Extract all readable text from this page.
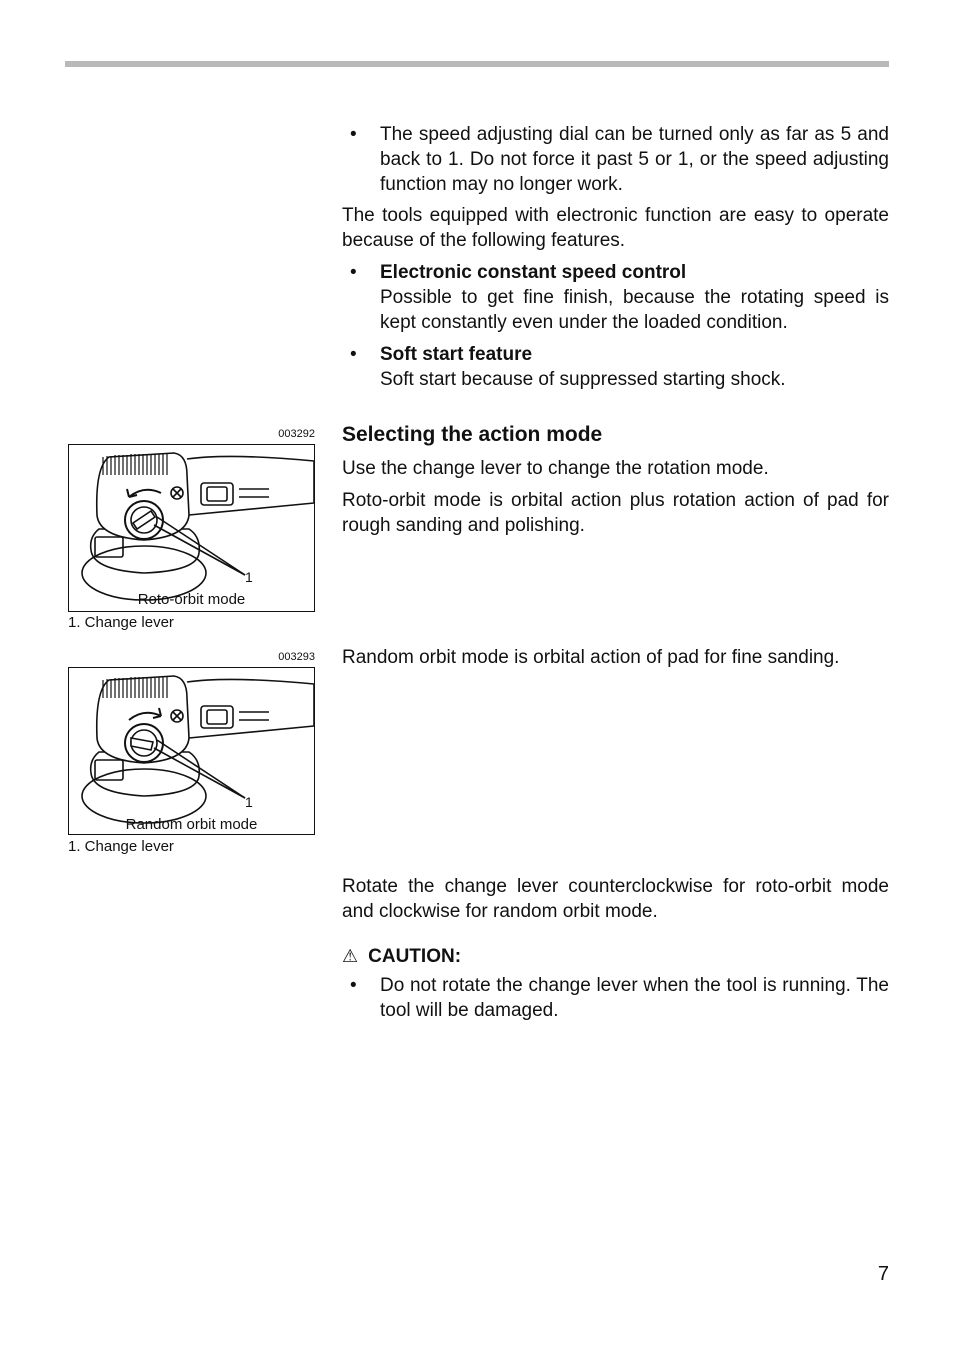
• The speed adjusting dial can be turned only as far as 5 and back to 1. Do not force it past 5 or 1, or the speed adjusting function may no longer work.

The tools equipped with electronic function are easy to operate because of the following features.

• Electronic constant speed control
Possible to get fine finish, because the rotating speed is kept constantly even under the loaded condition.
• Soft start feature
Soft start because of suppressed starting shock.
Selecting the action mode

Use the change lever to change the rotation mode.

Roto-orbit mode is orbital action plus rotation action of pad for rough sanding and polishing.

Random orbit mode is orbital action of pad for fine sanding.

Rotate the change lever counterclockwise for roto-orbit mode and clockwise for random orbit mode.

⚠ CAUTION:
• Do not rotate the change lever when the tool is running. The tool will be damaged.
003292
1
Roto-orbit mode
1. Change lever
003293
1
Random orbit mode
1. Change lever
7
